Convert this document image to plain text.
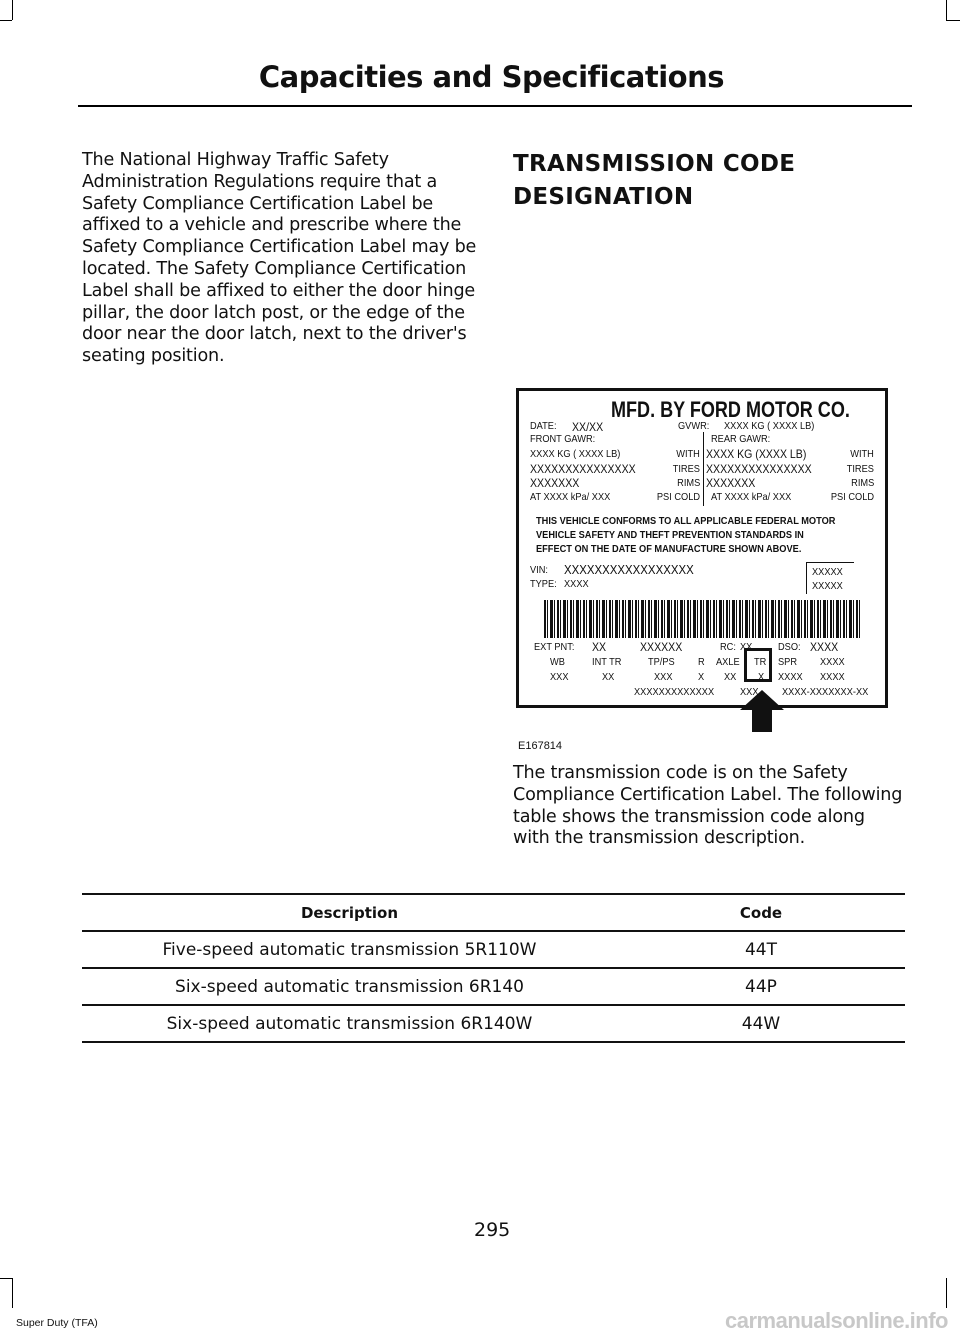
Capacities and Specifications

The National Highway Traffic Safety Administration Regulations require that a Safety Compliance Certification Label be affixed to a vehicle and prescribe where the Safety Compliance Certification Label may be located. The Safety Compliance Certification Label shall be affixed to either the door hinge pillar, the door latch post, or the edge of the door near the door latch, next to the driver's seating position.

TRANSMISSION CODE DESIGNATION
MFD. BY FORD MOTOR CO.
DATE: XX/XX	GVWR: XXXX KG ( XXXX LB)
FRONT GAWR:
XXXX KG ( XXXX LB)
XXXXXXXXXXXXXXX
XXXXXXX
AT XXXX kPa/ XXX
WITH
TIRES
RIMS
PSI COLD
REAR GAWR:
XXXX KG (XXXX LB)
XXXXXXXXXXXXXXX
XXXXXXX
AT XXXX kPa/ XXX
WITH
TIRES
RIMS
PSI COLD
THIS VEHICLE CONFORMS TO ALL APPLICABLE FEDERAL MOTOR
VEHICLE SAFETY AND THEFT PREVENTION STANDARDS IN
EFFECT ON THE DATE OF MANUFACTURE SHOWN ABOVE.
VIN: XXXXXXXXXXXXXXXXX
TYPE: XXXX
XXXXX
XXXXX
EXT PNT: XX	XXXXXX	RC: XX DSO: XXXX
WB
XXX
INT TR
XX
TP/PS
XXX
R
X
AXLE
XX
TR
X
SPR
XXXX
XXXX
XXXX
XXXXXXXXXXXXX XXX XXXX-XXXXXXX-XX
E167814

The transmission code is on the Safety Compliance Certification Label. The following table shows the transmission code along with the transmission description.

Description	Code
Five-speed automatic transmission 5R110W	44T
Six-speed automatic transmission 6R140	44P
Six-speed automatic transmission 6R140W	44W
295
Super Duty (TFA)	carmanualsonline.info
